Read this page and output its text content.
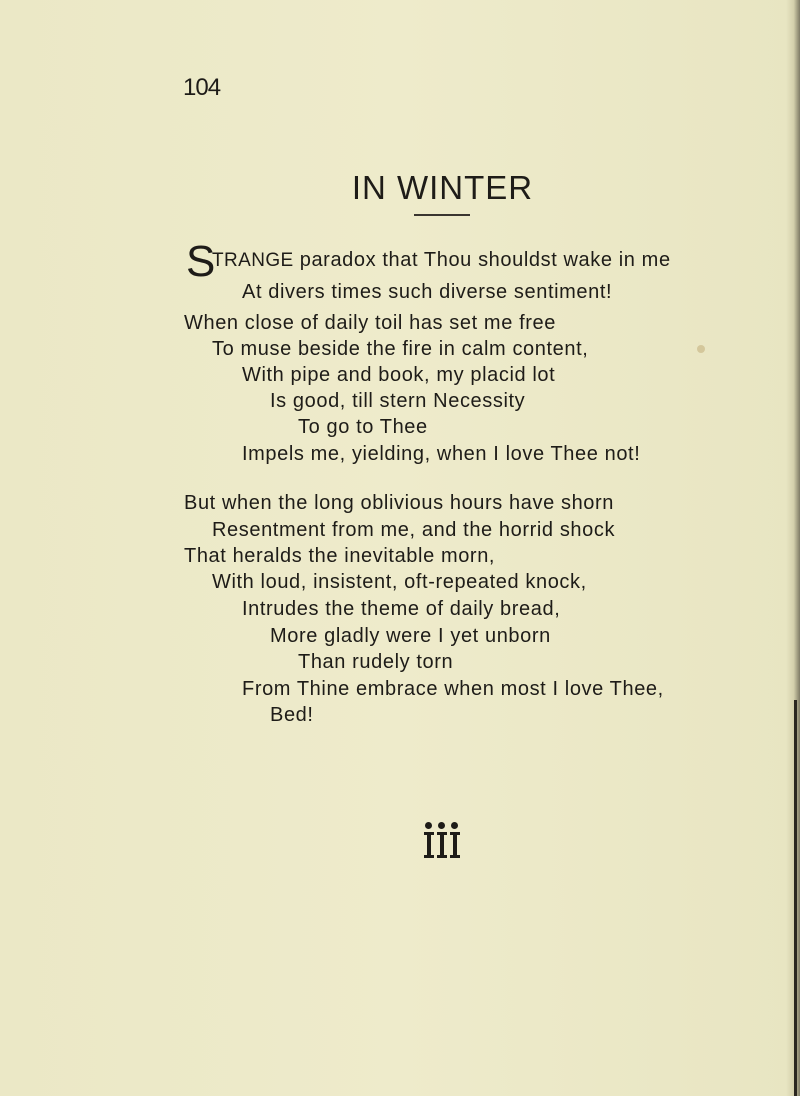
104
IN WINTER
S
TRANGE paradox that Thou shouldst wake in me
At divers times such diverse sentiment!
When close of daily toil has set me free
To muse beside the fire in calm content,
With pipe and book, my placid lot
Is good, till stern Necessity
To go to Thee
Impels me, yielding, when I love Thee not!
But when the long oblivious hours have shorn
Resentment from me, and the horrid shock
That heralds the inevitable morn,
With loud, insistent, oft-repeated knock,
Intrudes the theme of daily bread,
More gladly were I yet unborn
Than rudely torn
From Thine embrace when most I love Thee,
Bed!
